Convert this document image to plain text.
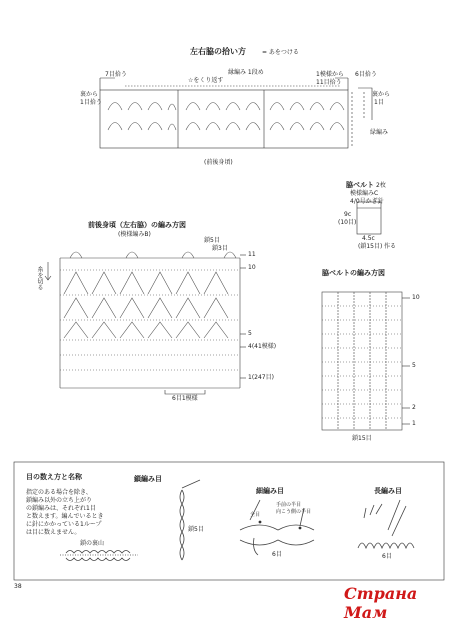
左右脇の拾い方	= あをつける
7目拾う
裏から
1目拾う
☆をくり返す
縁編み 1段め	1模様から
11目拾う
6目拾う
裏から
1目
緑編み
(前後身頃)
脇ベルト 2枚
模様編みC
4/0号かぎ針
9c
(10目)
4.5c
(鎖15目) 作る
前後身頃（左右脇）の編み方図
(模様編みB)
鎖5目
鎖3目
糸を切る
11
10
5
4(41模様)
1(247目)
6目1模様
脇ベルトの編み方図
10
5
2
1
鎖15目
目の数え方と名称
指定のある場合を除き、
鎖編み以外の立ち上がり
の鎖編みは、それぞれ1目
と数えます。編んでいるとき
に針にかかっている1ループ
は目に数えません。
鎖の裏山
鎖編み目
鎖5目
細編み目
手前の半目
向こう側の半目
全目
6目
長編み目
6目
38	Страна Мам
